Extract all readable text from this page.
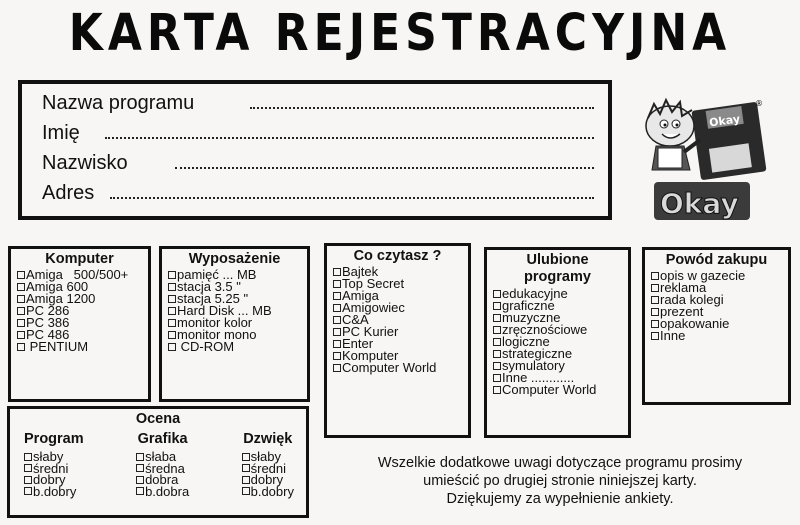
KARTA REJESTRACYJNA
Nazwa programu
Imię
Nazwisko
Adres
Okay
®
Okay
Komputer
Amiga   500/500+
Amiga 600
Amiga 1200
PC 286
PC 386
PC 486
PENTIUM
Wyposażenie
pamięć ... MB
stacja 3.5 "
stacja 5.25 "
Hard Disk ... MB
monitor kolor
monitor mono
CD-ROM
Co czytasz ?
Bajtek
Top Secret
Amiga
Amigowiec
C&A
PC Kurier
Enter
Komputer
Computer World
Ulubione
programy
edukacyjne
graficzne
muzyczne
zręcznościowe
logiczne
strategiczne
symulatory
Inne ............
Computer World
Powód zakupu
opis w gazecie
reklama
rada kolegi
prezent
opakowanie
Inne
Ocena
Program
słaby
średni
dobry
b.dobry
Grafika
słaba
średna
dobra
b.dobra
Dzwięk
słaby
średni
dobry
b.dobry
Wszelkie dodatkowe uwagi dotyczące programu prosimy
umieścić po drugiej stronie niniejszej karty.
Dziękujemy za wypełnienie ankiety.
